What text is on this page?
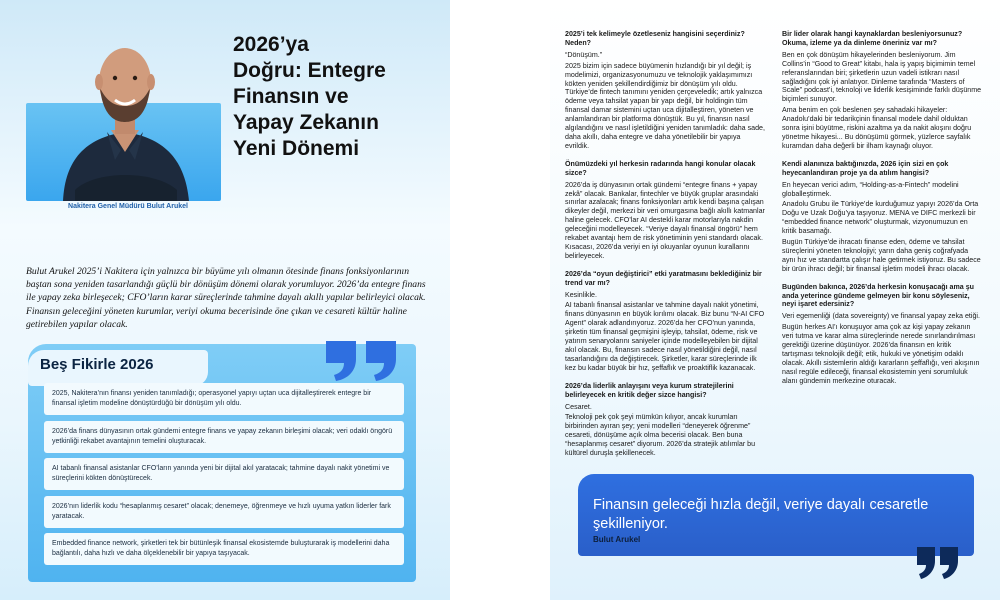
Nakitera Genel Müdürü Bulut Arukel
2026’ya
Doğru: Entegre
Finansın ve
Yapay Zekanın
Yeni Dönemi
Bulut Arukel 2025’i Nakitera için yalnızca bir büyüme yılı olmanın ötesinde finans fonksiyonlarının baştan sona yeniden tasarlandığı güçlü bir dönüşüm dönemi olarak yorumluyor. 2026’da entegre finans ile yapay zeka birleşecek; CFO’ların karar süreçlerinde tahmine dayalı akıllı yapılar belirleyici olacak. Finansın geleceğini yöneten kurumlar, veriyi okuma becerisinde öne çıkan ve cesareti kültür haline getirebilen yapılar olacak.
Beş Fikirle 2026
2025, Nakitera’nın finansı yeniden tanımladığı; operasyonel yapıyı uçtan uca dijitalleştirerek entegre bir finansal işletim modeline dönüştürdüğü bir dönüşüm yılı oldu.
2026’da finans dünyasının ortak gündemi entegre finans ve yapay zekanın birleşimi olacak; veri odaklı öngörü yetkinliği rekabet avantajının temelini oluşturacak.
AI tabanlı finansal asistanlar CFO’ların yanında yeni bir dijital akıl yaratacak; tahmine dayalı nakit yönetimi ve süreçlerini kökten dönüştürecek.
2026’nın liderlik kodu “hesaplanmış cesaret” olacak; denemeye, öğrenmeye ve hızlı uyuma yatkın liderler fark yaratacak.
Embedded finance network, şirketleri tek bir bütünleşik finansal ekosistemde buluşturarak iş modellerini daha bağlantılı, daha hızlı ve daha ölçeklenebilir bir yapıya taşıyacak.
2025’i tek kelimeyle özetleseniz hangisini seçerdiniz? Neden?

“Dönüşüm.”

2025 bizim için sadece büyümenin hızlandığı bir yıl değil; iş modelimizi, organizasyonumuzu ve teknolojik yaklaşımımızı kökten yeniden şekillendirdiğimiz bir dönüşüm yılı oldu. Türkiye’de fintech tanımını yeniden çerçeveledik; artık yalnızca ödeme veya tahsilat yapan bir yapı değil, bir holdingin tüm finansal damar sistemini uçtan uca dijitalleştiren, yöneten ve anlamlandıran bir platforma dönüştük. Bu yıl, finansın nasıl algılandığını ve nasıl işletildiğini yeniden tanımladık: daha sade, daha akıllı, daha entegre ve daha yönetilebilir bir yapıya evrildik.

Önümüzdeki yıl herkesin radarında hangi konular olacak sizce?

2026’da iş dünyasının ortak gündemi “entegre finans + yapay zekâ” olacak. Bankalar, fintechler ve büyük gruplar arasındaki sınırlar azalacak; finans fonksiyonları artık kendi başına çalışan dikeyler değil, merkezi bir veri omurgasına bağlı akıllı katmanlar haline gelecek. CFO’lar AI destekli karar motorlarıyla nakdin geleceğini modelleyecek. “Veriye dayalı finansal öngörü” hem rekabet avantajı hem de risk yönetiminin yeni standardı olacak. Kısacası, 2026’da veriyi en iyi okuyanlar oyunun kurallarını belirleyecek.

2026’da “oyun değiştirici” etki yaratmasını beklediğiniz bir trend var mı?

Kesinlikle.

AI tabanlı finansal asistanlar ve tahmine dayalı nakit yönetimi, finans dünyasının en büyük kırılımı olacak. Biz bunu “N-AI CFO Agent” olarak adlandırıyoruz. 2026’da her CFO’nun yanında, şirketin tüm finansal geçmişini işleyip, tahsilat, ödeme, risk ve yatırım senaryolarını saniyeler içinde modelleyebilen bir dijital akıl olacak. Bu, finansın sadece nasıl yönetildiğini değil, nasıl tasarlandığını da değiştirecek. Şirketler, karar süreçlerinde ilk kez bu kadar büyük bir hız, şeffaflık ve proaktiflik kazanacak.

2026’da liderlik anlayışını veya kurum stratejilerini belirleyecek en kritik değer sizce hangisi?

Cesaret.

Teknoloji pek çok şeyi mümkün kılıyor, ancak kurumları birbirinden ayıran şey; yeni modelleri “deneyerek öğrenme” cesareti, dönüşüme açık olma becerisi olacak. Ben buna “hesaplanmış cesaret” diyorum. 2026’da stratejik atılımlar bu kültürel duruşla şekillenecek.

Bir lider olarak hangi kaynaklardan besleniyorsunuz? Okuma, izleme ya da dinleme öneriniz var mı?

Ben en çok dönüşüm hikayelerinden besleniyorum. Jim Collins’in “Good to Great” kitabı, hala iş yapış biçimimin temel referanslarından biri; şirketlerin uzun vadeli istikrarı nasıl sağladığını çok iyi anlatıyor. Dinleme tarafında “Masters of Scale” podcast’i, teknoloji ve liderlik kesişiminde farklı düşünme biçimleri sunuyor.

Ama benim en çok beslenen şey sahadaki hikayeler: Anadolu’daki bir tedarikçinin finansal modele dahil olduktan sonra işini büyütme, riskini azaltma ya da nakit akışını doğru yönetme hikayesi... Bu dönüşümü görmek, yüzlerce sayfalık kuramdan daha değerli bir ilham kaynağı oluyor.

Kendi alanınıza baktığınızda, 2026 için sizi en çok heyecanlandıran proje ya da atılım hangisi?

En heyecan verici adım, “Holding-as-a-Fintech” modelini globalleştirmek.

Anadolu Grubu ile Türkiye’de kurduğumuz yapıyı 2026’da Orta Doğu ve Uzak Doğu’ya taşıyoruz. MENA ve DIFC merkezli bir “embedded finance network” oluşturmak, vizyonumuzun en kritik basamağı.

Bugün Türkiye’de ihracatı finanse eden, ödeme ve tahsilat süreçlerini yöneten teknolojiyi; yarın daha geniş coğrafyada aynı hız ve standartta çalışır hale getirmek istiyoruz. Bu sadece bir ürün ihracı değil; bir finansal işletim modeli ihracı olacak.

Bugünden bakınca, 2026’da herkesin konuşacağı ama şu anda yeterince gündeme gelmeyen bir konu söyleseniz, neyi işaret edersiniz?

Veri egemenliği (data sovereignty) ve finansal yapay zeka etiği.

Bugün herkes AI’ı konuşuyor ama çok az kişi yapay zekanın veri tutma ve karar alma süreçlerinde nerede sınırlandırılması gerektiği üzerine düşünüyor. 2026’da finansın en kritik tartışması teknolojik değil; etik, hukuki ve yönetişim odaklı olacak. Akıllı sistemlerin aldığı kararların şeffaflığı, veri akışının nasıl regüle edileceği, finansal ekosistemin yeni sorumluluk alanı gündemin merkezine oturacak.

Finansın geleceği hızla değil, veriye dayalı cesaretle şekilleniyor.
Bulut Arukel
